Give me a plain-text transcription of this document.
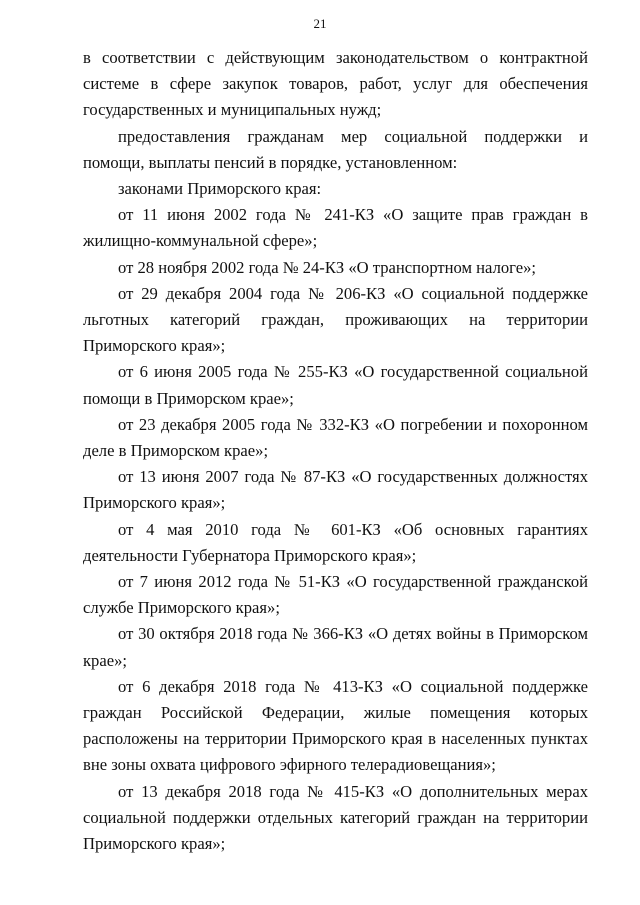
21

в соответствии с действующим законодательством о контрактной системе в сфере закупок товаров, работ, услуг для обеспечения государственных и муниципальных нужд;

предоставления гражданам мер социальной поддержки и помощи, выплаты пенсий в порядке, установленном:

законами Приморского края:

от 11 июня 2002 года № 241-КЗ «О защите прав граждан в жилищно-коммунальной сфере»;

от 28 ноября 2002 года № 24-КЗ «О транспортном налоге»;

от 29 декабря 2004 года № 206-КЗ «О социальной поддержке льготных категорий граждан, проживающих на территории Приморского края»;

от 6 июня 2005 года № 255-КЗ «О государственной социальной помощи в Приморском крае»;

от 23 декабря 2005 года № 332-КЗ «О погребении и похоронном деле в Приморском крае»;

от 13 июня 2007 года № 87-КЗ «О государственных должностях Приморского края»;

от 4 мая 2010 года № 601-КЗ «Об основных гарантиях деятельности Губернатора Приморского края»;

от 7 июня 2012 года № 51-КЗ «О государственной гражданской службе Приморского края»;

от 30 октября 2018 года № 366-КЗ «О детях войны в Приморском крае»;

от 6 декабря 2018 года № 413-КЗ «О социальной поддержке граждан Российской Федерации, жилые помещения которых расположены на территории Приморского края в населенных пунктах вне зоны охвата цифрового эфирного телерадиовещания»;

от 13 декабря 2018 года № 415-КЗ «О дополнительных мерах социальной поддержки отдельных категорий граждан на территории Приморского края»;
